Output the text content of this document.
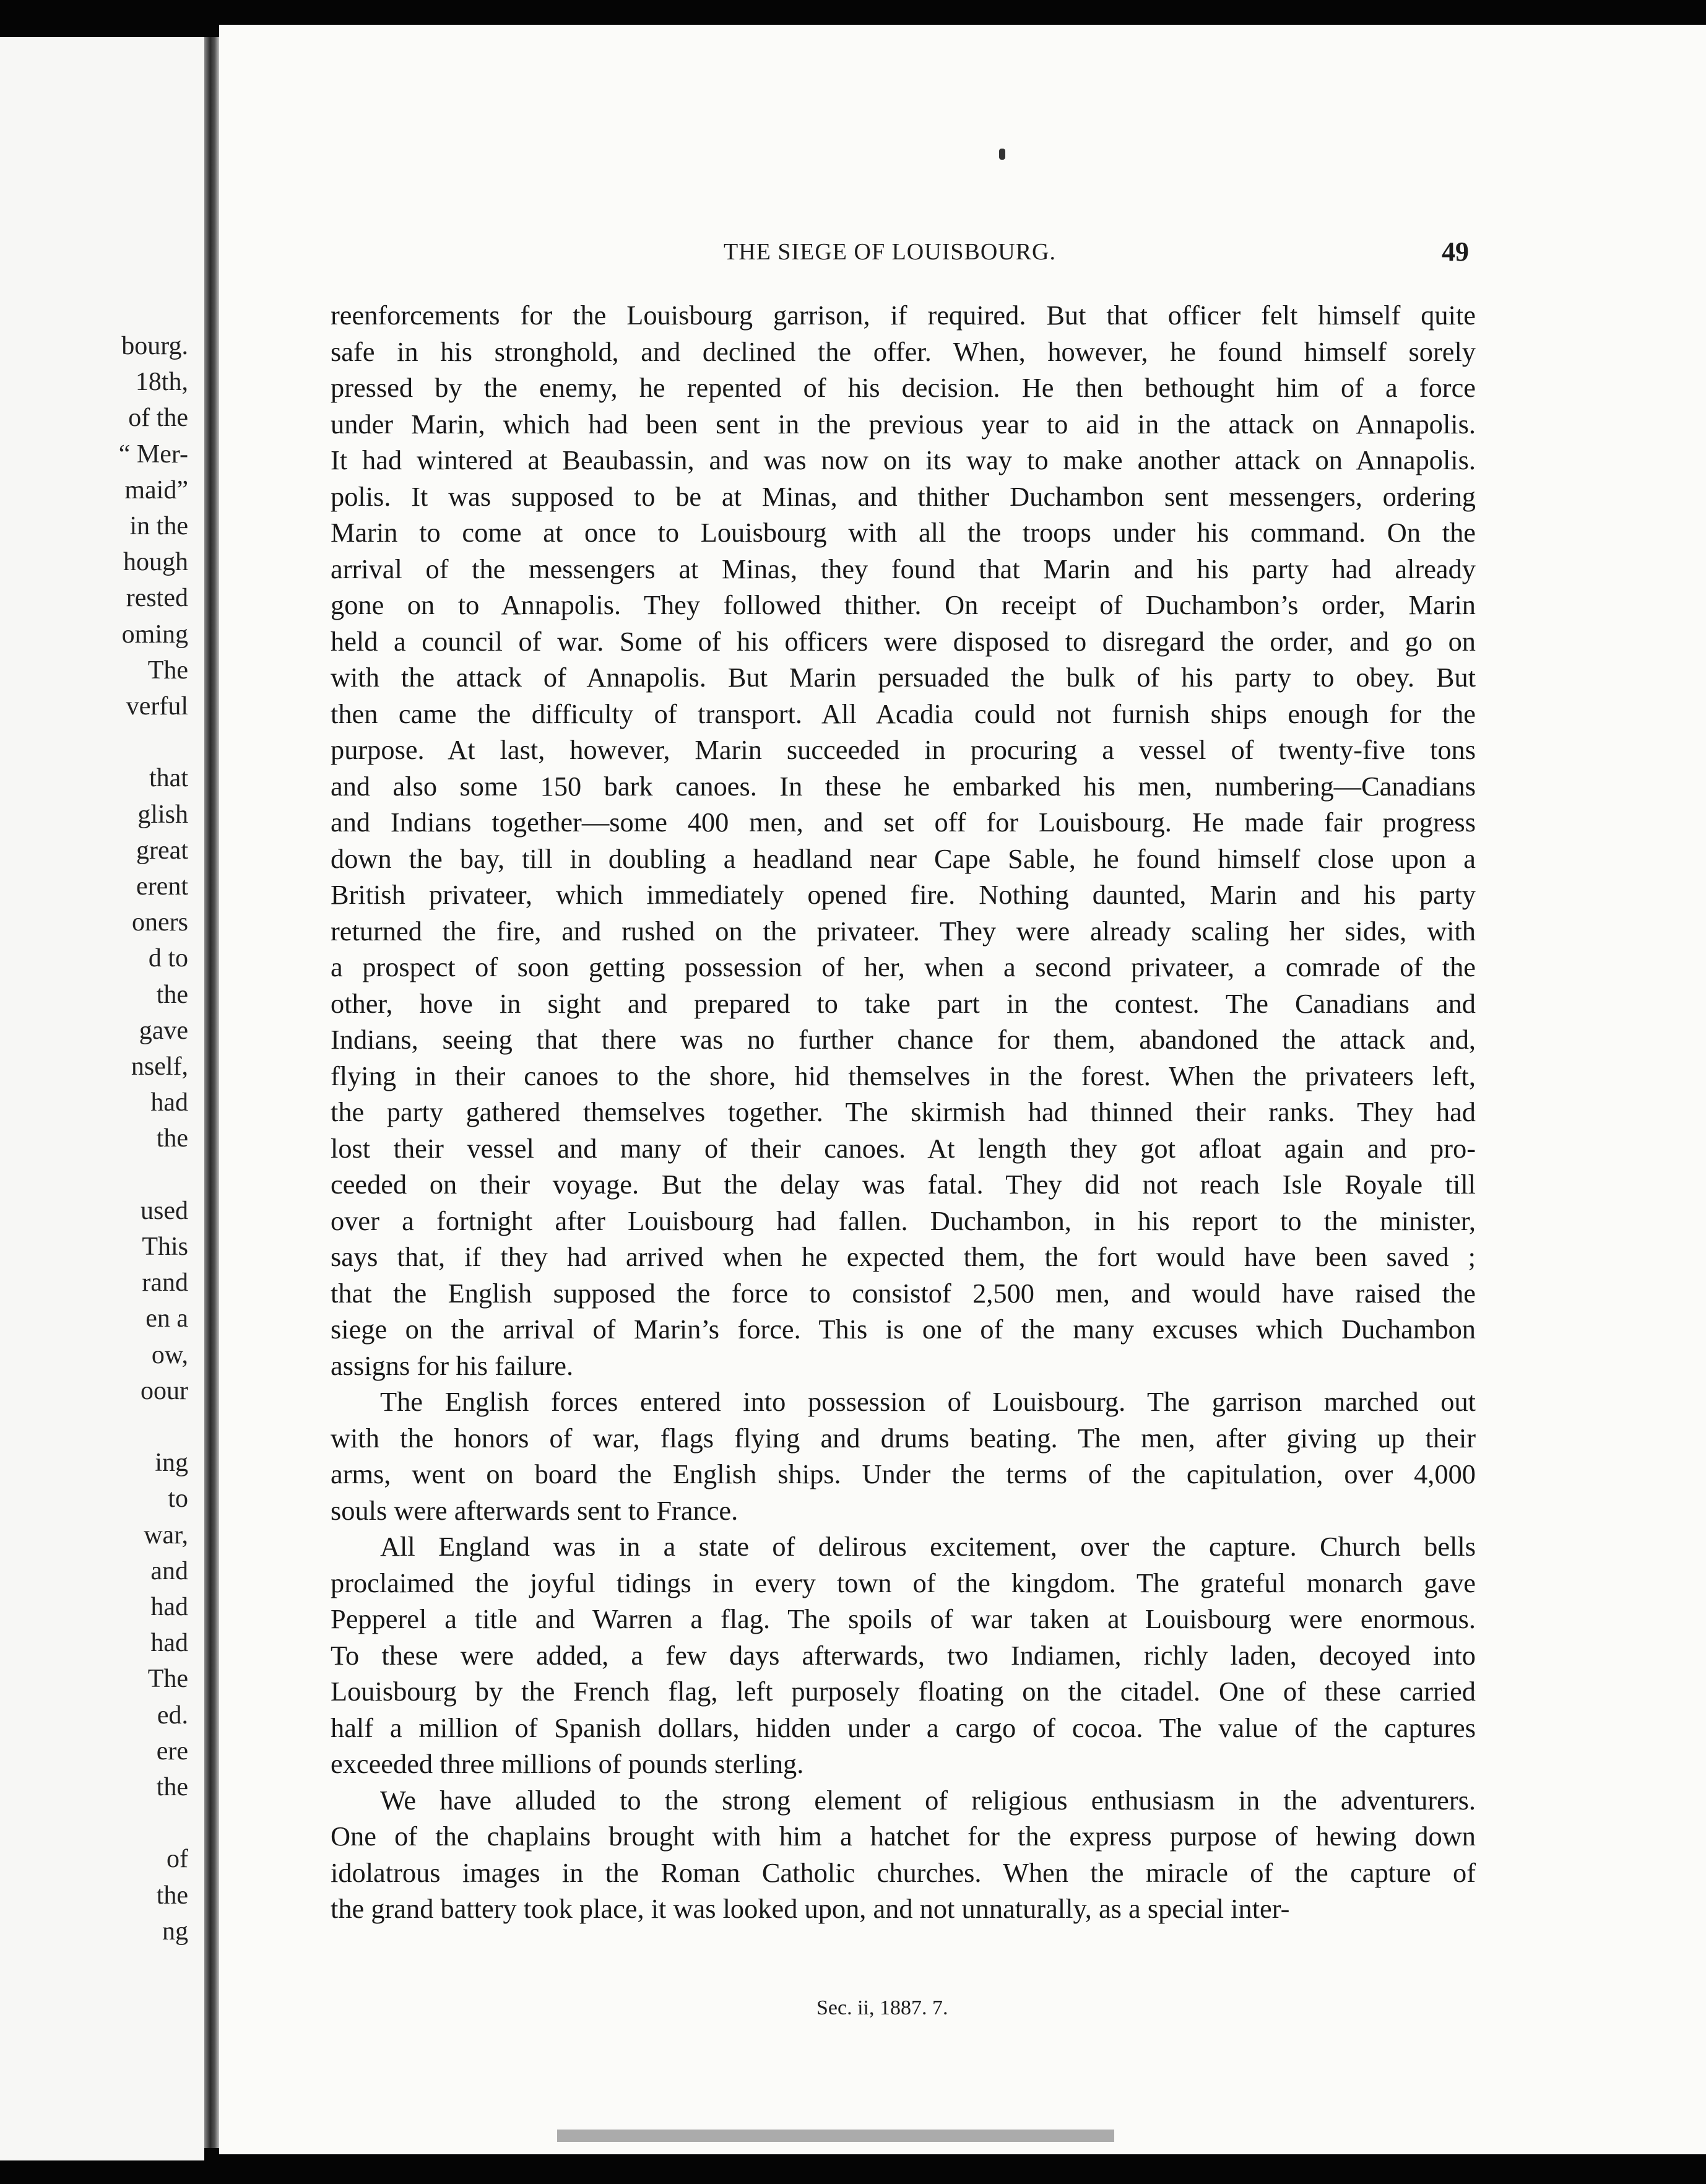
bourg.
18th,
of the
“ Mer-
maid”
in the
hough
rested
oming
The
verful
that
glish
great
erent
oners
d to
the
gave
nself,
had
the
used
This
rand
en a
ow,
oour
ing
to
war,
and
had
had
The
ed.
ere
the
of
the
ng
THE SIEGE OF LOUISBOURG.	49
reenforcements for the Louisbourg garrison, if required. But that officer felt himself quite
safe in his stronghold, and declined the offer. When, however, he found himself sorely
pressed by the enemy, he repented of his decision. He then bethought him of a force
under Marin, which had been sent in the previous year to aid in the attack on Annapolis.
It had wintered at Beaubassin, and was now on its way to make another attack on Annapolis.
polis. It was supposed to be at Minas, and thither Duchambon sent messengers, ordering
Marin to come at once to Louisbourg with all the troops under his command. On the
arrival of the messengers at Minas, they found that Marin and his party had already
gone on to Annapolis. They followed thither. On receipt of Duchambon’s order, Marin
held a council of war. Some of his officers were disposed to disregard the order, and go on
with the attack of Annapolis. But Marin persuaded the bulk of his party to obey. But
then came the difficulty of transport. All Acadia could not furnish ships enough for the
purpose. At last, however, Marin succeeded in procuring a vessel of twenty-five tons
and also some 150 bark canoes. In these he embarked his men, numbering—Canadians
and Indians together—some 400 men, and set off for Louisbourg. He made fair progress
down the bay, till in doubling a headland near Cape Sable, he found himself close upon a
British privateer, which immediately opened fire. Nothing daunted, Marin and his party
returned the fire, and rushed on the privateer. They were already scaling her sides, with
a prospect of soon getting possession of her, when a second privateer, a comrade of the
other, hove in sight and prepared to take part in the contest. The Canadians and
Indians, seeing that there was no further chance for them, abandoned the attack and,
flying in their canoes to the shore, hid themselves in the forest. When the privateers left,
the party gathered themselves together. The skirmish had thinned their ranks. They had
lost their vessel and many of their canoes. At length they got afloat again and pro-
ceeded on their voyage. But the delay was fatal. They did not reach Isle Royale till
over a fortnight after Louisbourg had fallen. Duchambon, in his report to the minister,
says that, if they had arrived when he expected them, the fort would have been saved ;
that the English supposed the force to consistof 2,500 men, and would have raised the
siege on the arrival of Marin’s force. This is one of the many excuses which Duchambon
assigns for his failure.
The English forces entered into possession of Louisbourg. The garrison marched out
with the honors of war, flags flying and drums beating. The men, after giving up their
arms, went on board the English ships. Under the terms of the capitulation, over 4,000
souls were afterwards sent to France.
All England was in a state of delirous excitement, over the capture. Church bells
proclaimed the joyful tidings in every town of the kingdom. The grateful monarch gave
Pepperel a title and Warren a flag. The spoils of war taken at Louisbourg were enormous.
To these were added, a few days afterwards, two Indiamen, richly laden, decoyed into
Louisbourg by the French flag, left purposely floating on the citadel. One of these carried
half a million of Spanish dollars, hidden under a cargo of cocoa. The value of the captures
exceeded three millions of pounds sterling.
We have alluded to the strong element of religious enthusiasm in the adventurers.
One of the chaplains brought with him a hatchet for the express purpose of hewing down
idolatrous images in the Roman Catholic churches. When the miracle of the capture of
the grand battery took place, it was looked upon, and not unnaturally, as a special inter-
Sec. ii, 1887. 7.
